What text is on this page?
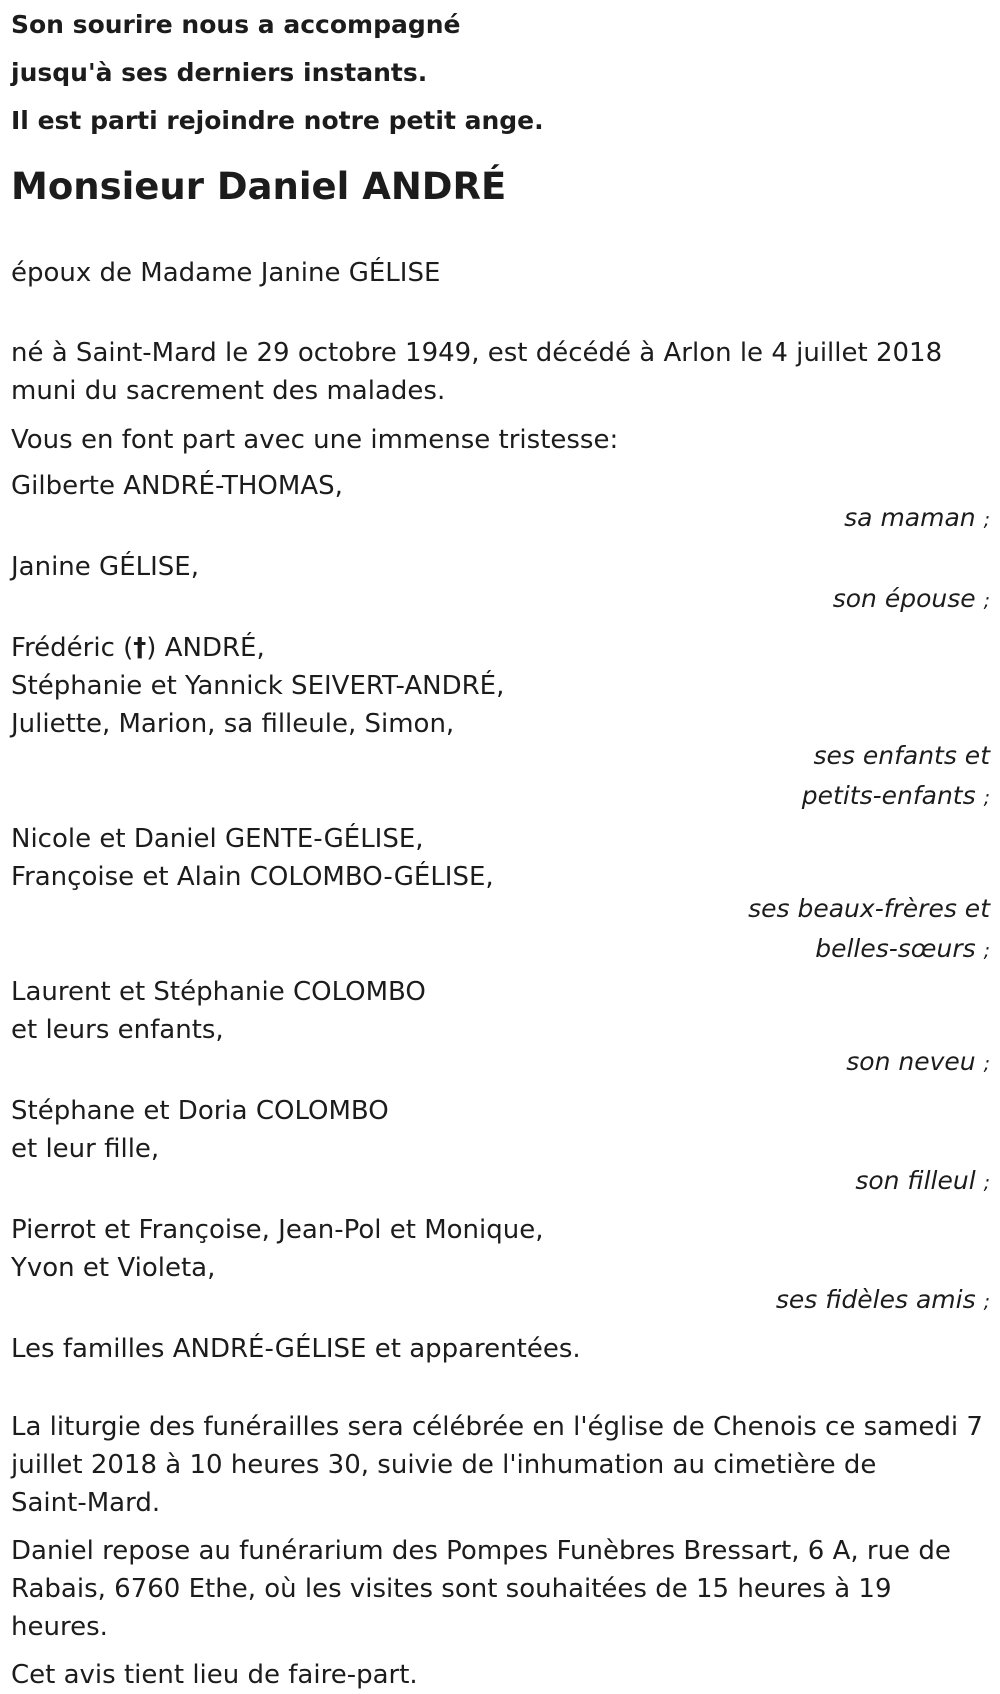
Son sourire nous a accompagné
jusqu'à ses derniers instants.
Il est parti rejoindre notre petit ange.
Monsieur Daniel ANDRÉ
époux de Madame Janine GÉLISE
né à Saint-Mard le 29 octobre 1949, est décédé à Arlon le 4 juillet 2018
muni du sacrement des malades.
Vous en font part avec une immense tristesse:
Gilberte ANDRÉ-THOMAS,
sa maman ;
Janine GÉLISE,
son épouse ;
Frédéric (†) ANDRÉ,
Stéphanie et Yannick SEIVERT-ANDRÉ,
Juliette, Marion, sa filleule, Simon,
ses enfants et
petits-enfants ;
Nicole et Daniel GENTE-GÉLISE,
Françoise et Alain COLOMBO-GÉLISE,
ses beaux-frères et
belles-sœurs ;
Laurent et Stéphanie COLOMBO
et leurs enfants,
son neveu ;
Stéphane et Doria COLOMBO
et leur fille,
son filleul ;
Pierrot et Françoise, Jean-Pol et Monique,
Yvon et Violeta,
ses fidèles amis ;
Les familles ANDRÉ-GÉLISE et apparentées.
La liturgie des funérailles sera célébrée en l'église de Chenois ce samedi 7
juillet 2018 à 10 heures 30, suivie de l'inhumation au cimetière de
Saint-Mard.
Daniel repose au funérarium des Pompes Funèbres Bressart, 6 A, rue de
Rabais, 6760 Ethe, où les visites sont souhaitées de 15 heures à 19
heures.
Cet avis tient lieu de faire-part.
